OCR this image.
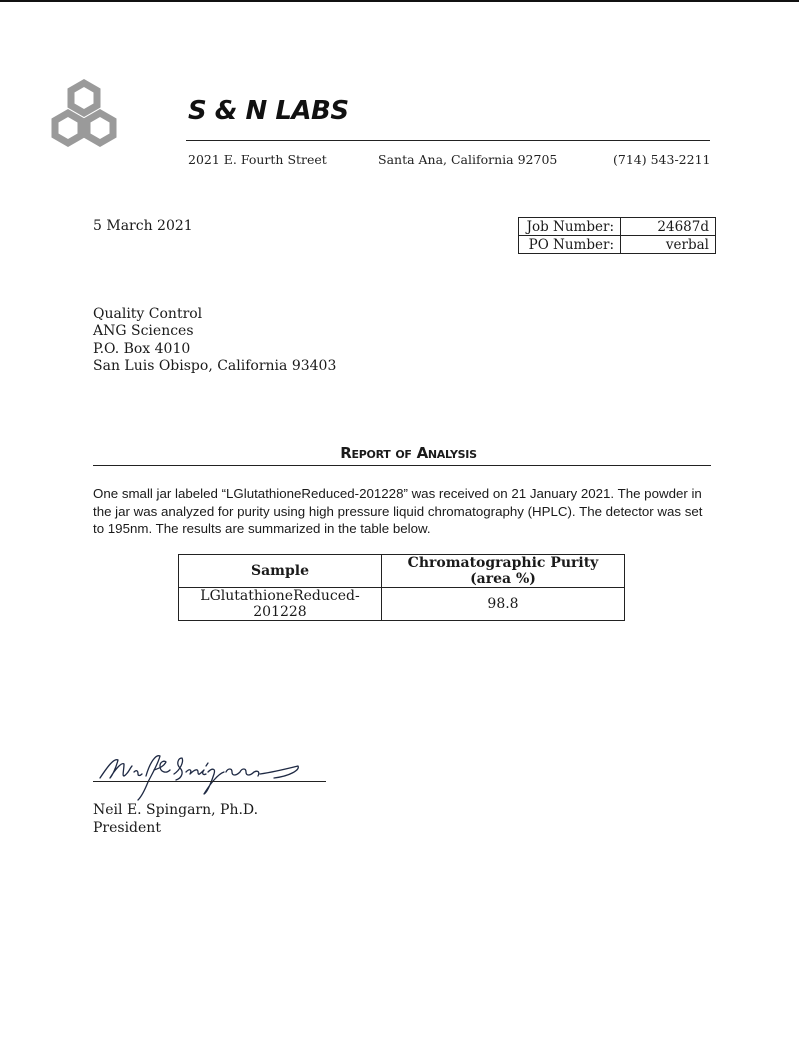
S & N LABS
2021 E. Fourth Street	Santa Ana, California 92705	(714) 543-2211
5 March 2021	Job Number:	24687d
PO Number:	verbal
Quality Control
ANG Sciences
P.O. Box 4010
San Luis Obispo, California 93403
Report of Analysis
One small jar labeled “LGlutathioneReduced-201228” was received on 21 January 2021. The powder in the jar was analyzed for purity using high pressure liquid chromatography (HPLC). The detector was set to 195nm. The results are summarized in the table below.
Sample	Chromatographic Purity (area %)
LGlutathioneReduced-201228	98.8
Neil E. Spingarn, Ph.D.
President
